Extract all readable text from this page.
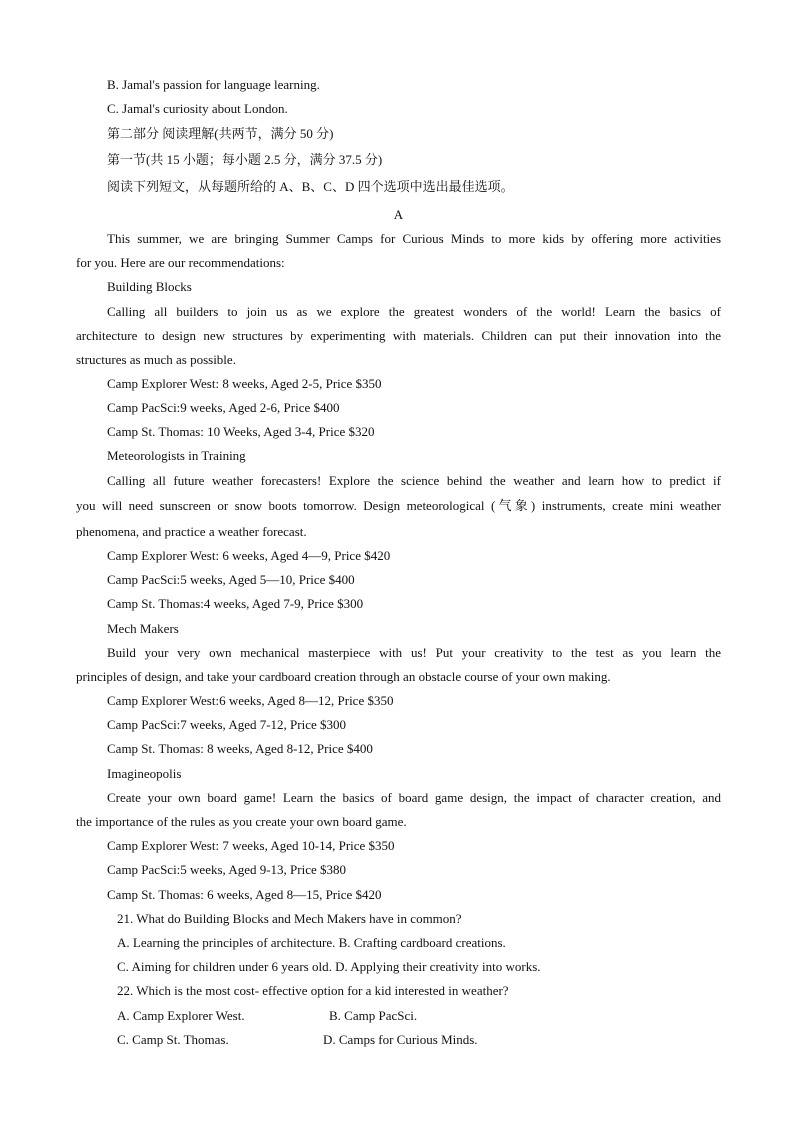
B. Jamal's passion for language learning.
C. Jamal's curiosity about London.
第二部分 阅读理解(共两节，满分 50 分)
第一节(共 15 小题；每小题 2.5 分，满分 37.5 分)
阅读下列短文，从每题所给的 A、B、C、D 四个选项中选出最佳选项。
A
This summer, we are bringing Summer Camps for Curious Minds to more kids by offering more activities
for you. Here are our recommendations:
Building Blocks
Calling all builders to join us as we explore the greatest wonders of the world! Learn the basics of
architecture to design new structures by experimenting with materials. Children can put their innovation into the
structures as much as possible.
Camp Explorer West: 8 weeks, Aged 2-5, Price $350
Camp PacSci:9 weeks, Aged 2-6, Price $400
Camp St. Thomas: 10 Weeks, Aged 3-4, Price $320
Meteorologists in Training
Calling all future weather forecasters! Explore the science behind the weather and learn how to predict if
you will need sunscreen or snow boots tomorrow. Design meteorological (气象) instruments, create mini weather
phenomena, and practice a weather forecast.
Camp Explorer West: 6 weeks, Aged 4—9, Price $420
Camp PacSci:5 weeks, Aged 5—10, Price $400
Camp St. Thomas:4 weeks, Aged 7-9, Price $300
Mech Makers
Build your very own mechanical masterpiece with us! Put your creativity to the test as you learn the
principles of design, and take your cardboard creation through an obstacle course of your own making.
Camp Explorer West:6 weeks, Aged 8—12, Price $350
Camp PacSci:7 weeks, Aged 7-12, Price $300
Camp St. Thomas: 8 weeks, Aged 8-12, Price $400
Imagineopolis
Create your own board game! Learn the basics of board game design, the impact of character creation, and
the importance of the rules as you create your own board game.
Camp Explorer West: 7 weeks, Aged 10-14, Price $350
Camp PacSci:5 weeks, Aged 9-13, Price $380
Camp St. Thomas: 6 weeks, Aged 8—15, Price $420
21. What do Building Blocks and Mech Makers have in common?
A. Learning the principles of architecture. B. Crafting cardboard creations.
C. Aiming for children under 6 years old. D. Applying their creativity into works.
22. Which is the most cost- effective option for a kid interested in weather?
A. Camp Explorer West.	B. Camp PacSci.
C. Camp St. Thomas.	D. Camps for Curious Minds.
